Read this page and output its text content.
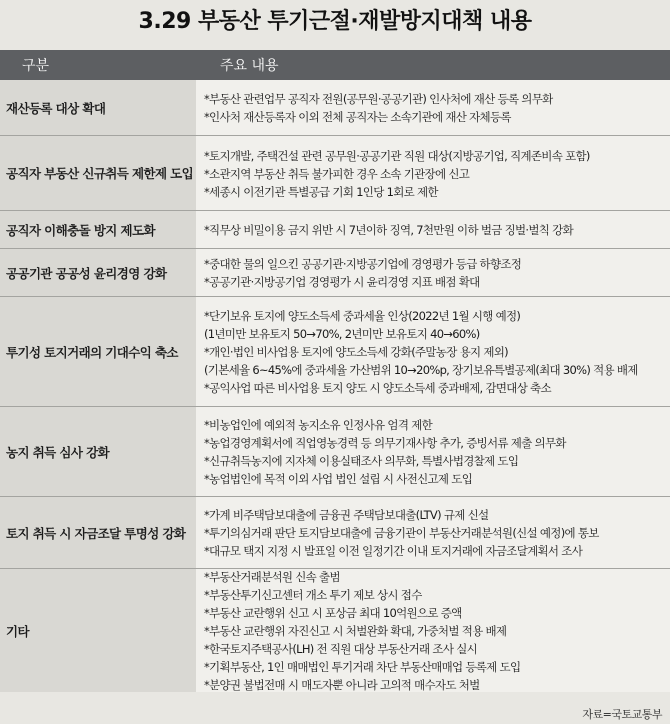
3.29 부동산 투기근절·재발방지대책 내용
구분	주요 내용
재산등록 대상 확대
*부동산 관련업무 공직자 전원(공무원·공공기관) 인사처에 재산 등록 의무화
*인사처 재산등록자 이외 전체 공직자는 소속기관에 재산 자체등록
공직자 부동산 신규취득 제한제 도입
*토지개발, 주택건설 관련 공무원·공공기관 직원 대상(지방공기업, 직계존비속 포함)
*소관지역 부동산 취득 불가피한 경우 소속 기관장에 신고
*세종시 이전기관 특별공급 기회 1인당 1회로 제한
공직자 이해충돌 방지 제도화	*직무상 비밀이용 금지 위반 시 7년이하 징역, 7천만원 이하 벌금 징벌·벌칙 강화
공공기관 공공성 윤리경영 강화
*중대한 물의 일으킨 공공기관·지방공기업에 경영평가 등급 하향조정
*공공기관·지방공기업 경영평가 시 윤리경영 지표 배점 확대
투기성 토지거래의 기대수익 축소
*단기보유 토지에 양도소득세 중과세율 인상(2022년 1월 시행 예정)
(1년미만 보유토지 50→70%, 2년미만 보유토지 40→60%)
*개인·법인 비사업용 토지에 양도소득세 강화(주말농장 용지 제외)
(기본세율 6~45%에 중과세율 가산범위 10→20%p, 장기보유특별공제(최대 30%) 적용 배제
*공익사업 따른 비사업용 토지 양도 시 양도소득세 중과배제, 감면대상 축소
농지 취득 심사 강화
*비농업인에 예외적 농지소유 인정사유 엄격 제한
*농업경영계획서에 직업영농경력 등 의무기재사항 추가, 증빙서류 제출 의무화
*신규취득농지에 지자체 이용실태조사 의무화, 특별사법경찰제 도입
*농업법인에 목적 이외 사업 법인 설립 시 사전신고제 도입
토지 취득 시 자금조달 투명성 강화
*가계 비주택담보대출에 금융권 주택담보대출(LTV) 규제 신설
*투기의심거래 판단 토지담보대출에 금융기관이 부동산거래분석원(신설 예정)에 통보
*대규모 택지 지정 시 발표일 이전 일정기간 이내 토지거래에 자금조달계획서 조사
기타
*부동산거래분석원 신속 출범
*부동산투기신고센터 개소 투기 제보 상시 접수
*부동산 교란행위 신고 시 포상금 최대 10억원으로 증액
*부동산 교란행위 자진신고 시 처벌완화 확대, 가중처벌 적용 배제
*한국토지주택공사(LH) 전 직원 대상 부동산거래 조사 실시
*기획부동산, 1인 매매법인 투기거래 차단 부동산매매업 등록제 도입
*분양권 불법전매 시 매도자뿐 아니라 고의적 매수자도 처벌
자료=국토교통부
